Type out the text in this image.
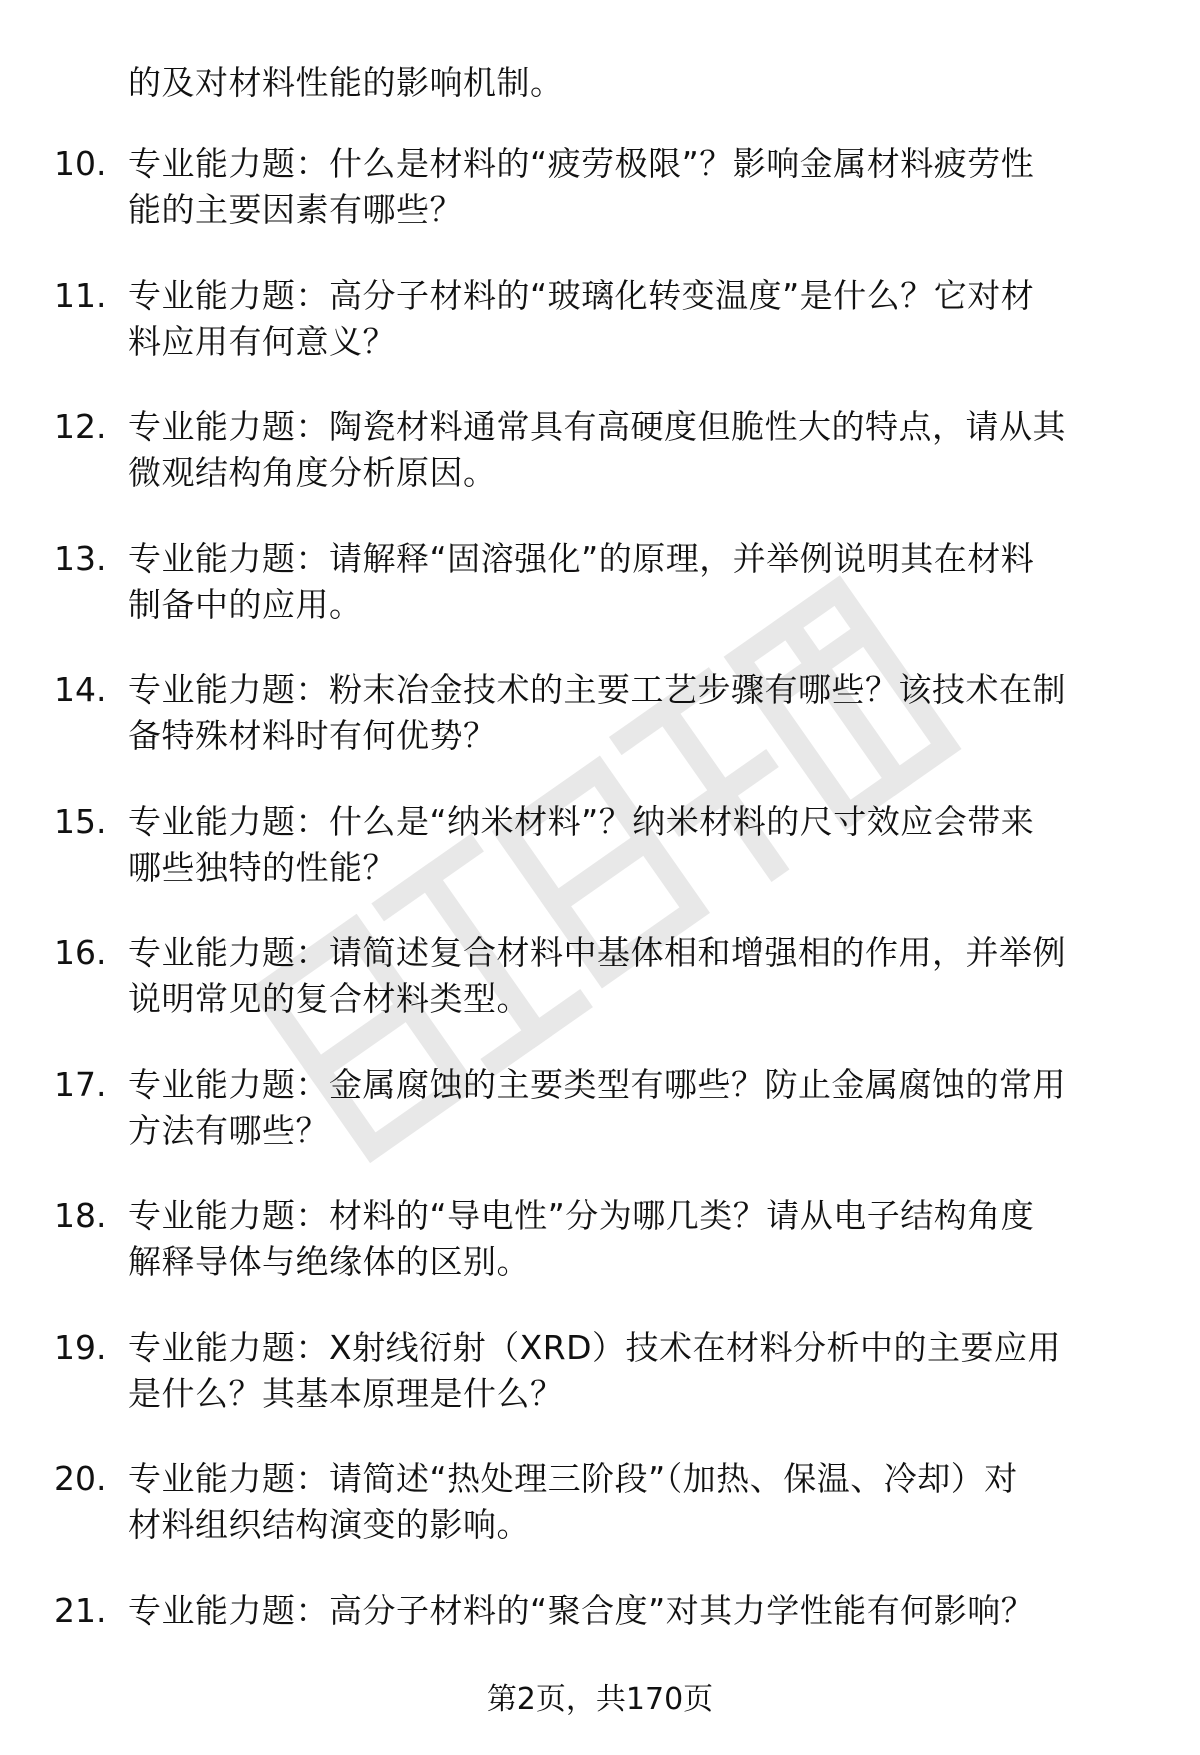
的及对材料性能的影响机制。
10. 专业能力题：什么是材料的“疲劳极限”？影响金属材料疲劳性
能的主要因素有哪些？
11. 专业能力题：高分子材料的“玻璃化转变温度”是什么？它对材
料应用有何意义？
12. 专业能力题：陶瓷材料通常具有高硬度但脆性大的特点，请从其
微观结构角度分析原因。
13. 专业能力题：请解释“固溶强化”的原理，并举例说明其在材料
制备中的应用。
14. 专业能力题：粉末冶金技术的主要工艺步骤有哪些？该技术在制
备特殊材料时有何优势？
15. 专业能力题：什么是“纳米材料”？纳米材料的尺寸效应会带来
哪些独特的性能？
16. 专业能力题：请简述复合材料中基体相和增强相的作用，并举例
说明常见的复合材料类型。
17. 专业能力题：金属腐蚀的主要类型有哪些？防止金属腐蚀的常用
方法有哪些？
18. 专业能力题：材料的“导电性”分为哪几类？请从电子结构角度
解释导体与绝缘体的区别。
19. 专业能力题：X射线衍射（XRD）技术在材料分析中的主要应用
是什么？其基本原理是什么？
20. 专业能力题：请简述“热处理三阶段”（加热、保温、冷却）对
材料组织结构演变的影响。
21. 专业能力题：高分子材料的“聚合度”对其力学性能有何影响？
第2页，共170页
